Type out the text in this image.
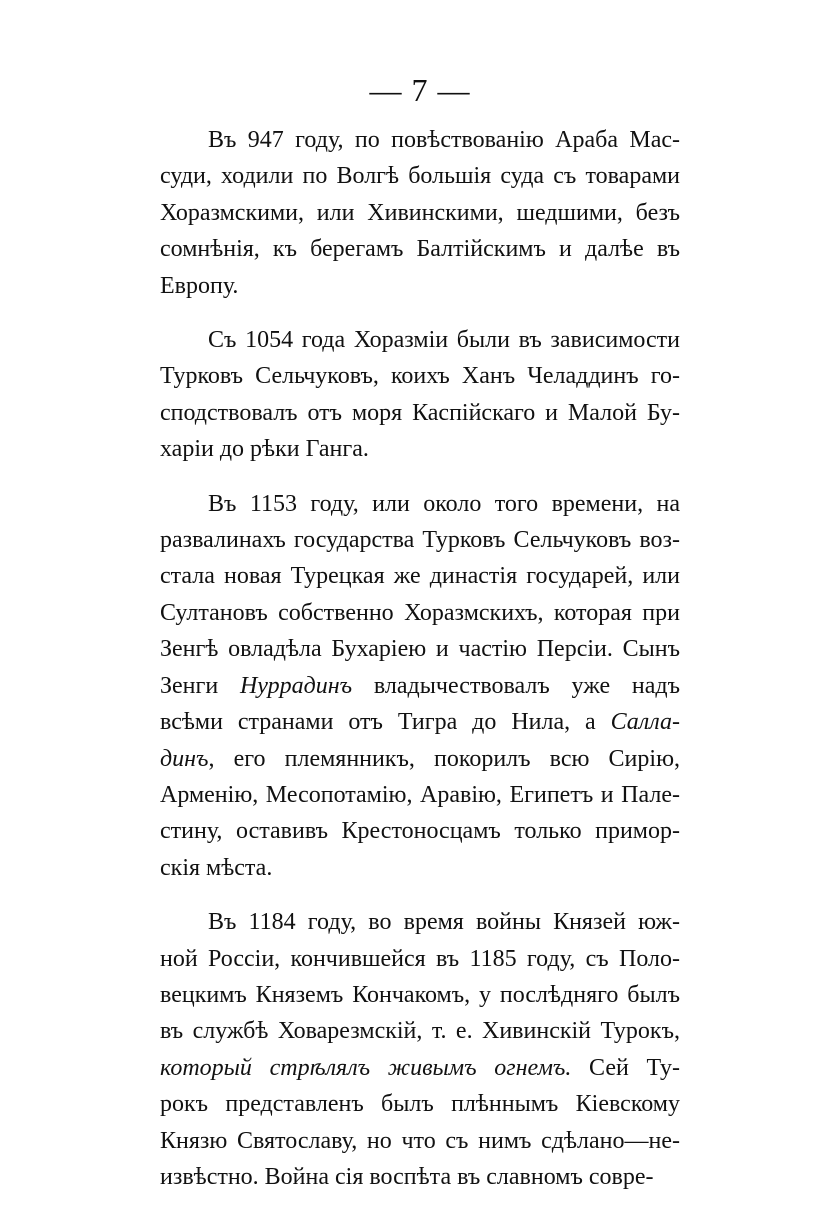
— 7 —

Въ 947 году, по повѣствованію Араба Мас-
суди, ходили по Волгѣ большія суда съ товарами
Хоразмскими, или Хивинскими, шедшими, безъ
сомнѣнія, къ берегамъ Балтійскимъ и далѣе въ
Европу.

Съ 1054 года Хоразміи были въ зависимости
Турковъ Сельчуковъ, коихъ Ханъ Челаддинъ го-
сподствовалъ отъ моря Каспійскаго и Малой Бу-
харіи до рѣки Ганга.

Въ 1153 году, или около того времени, на
развалинахъ государства Турковъ Сельчуковъ воз-
стала новая Турецкая же династія государей, или
Султановъ собственно Хоразмскихъ, которая при
Зенгѣ овладѣла Бухаріею и частію Персіи. Сынъ
Зенги Нуррадинъ владычествовалъ уже надъ
всѣми странами отъ Тигра до Нила, а Салла-
динъ, его племянникъ, покорилъ всю Сирію,
Арменію, Месопотамію, Аравію, Египетъ и Пале-
стину, оставивъ Крестоносцамъ только примор-
скія мѣста.

Въ 1184 году, во время войны Князей юж-
ной Россіи, кончившейся въ 1185 году, съ Поло-
вецкимъ Княземъ Кончакомъ, у послѣдняго былъ
въ службѣ Ховарезмскій, т. е. Хивинскій Турокъ,
который стрѣлялъ живымъ огнемъ. Сей Ту-
рокъ представленъ былъ плѣннымъ Кіевскому
Князю Святославу, но что съ нимъ сдѣлано—не-
извѣстно. Война сія воспѣта въ славномъ совре-
